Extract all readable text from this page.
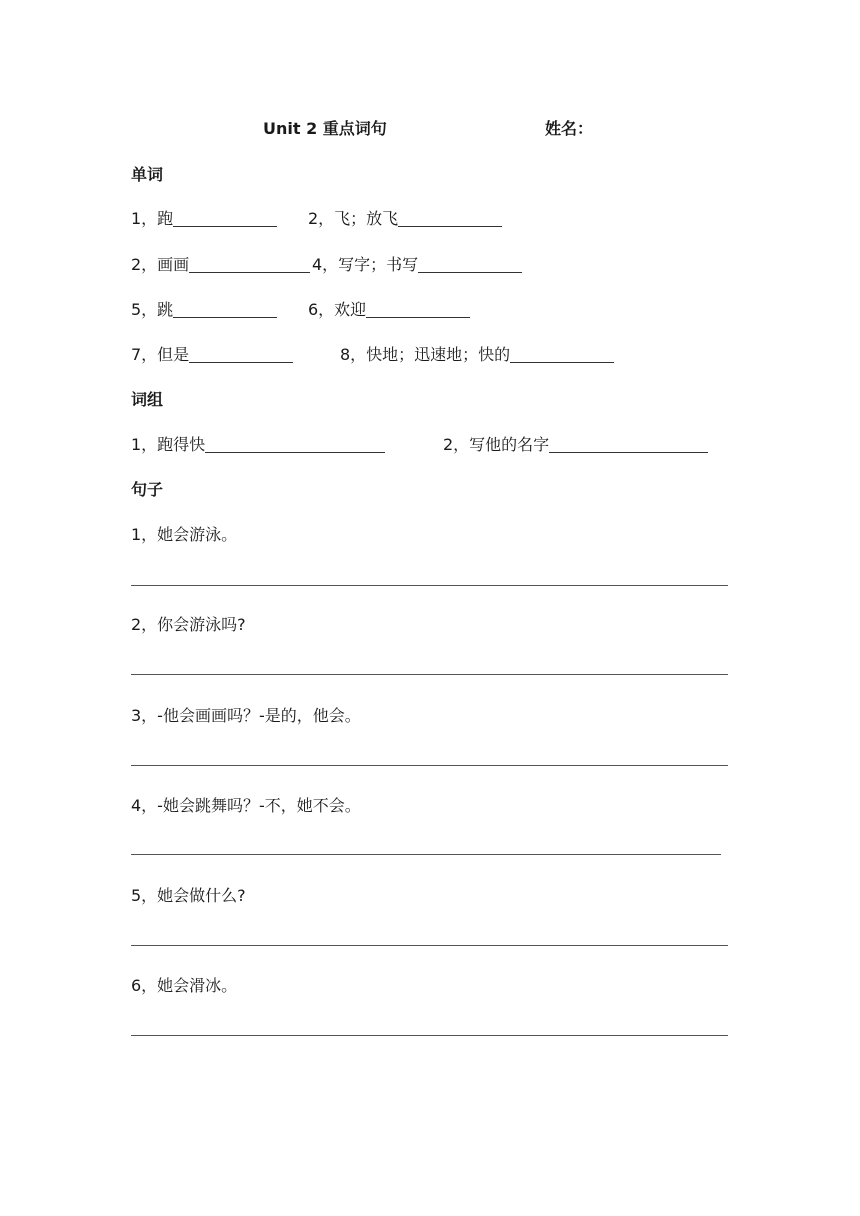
Unit 2 重点词句	姓名：
单词
1，跑	2，飞；放飞
2，画画	4，写字；书写
5，跳	6，欢迎
7，但是	8，快地；迅速地；快的
词组
1，跑得快	2，写他的名字
句子
1，她会游泳。
2，你会游泳吗?
3，-他会画画吗？-是的，他会。
4，-她会跳舞吗？-不，她不会。
5，她会做什么?
6，她会滑冰。
